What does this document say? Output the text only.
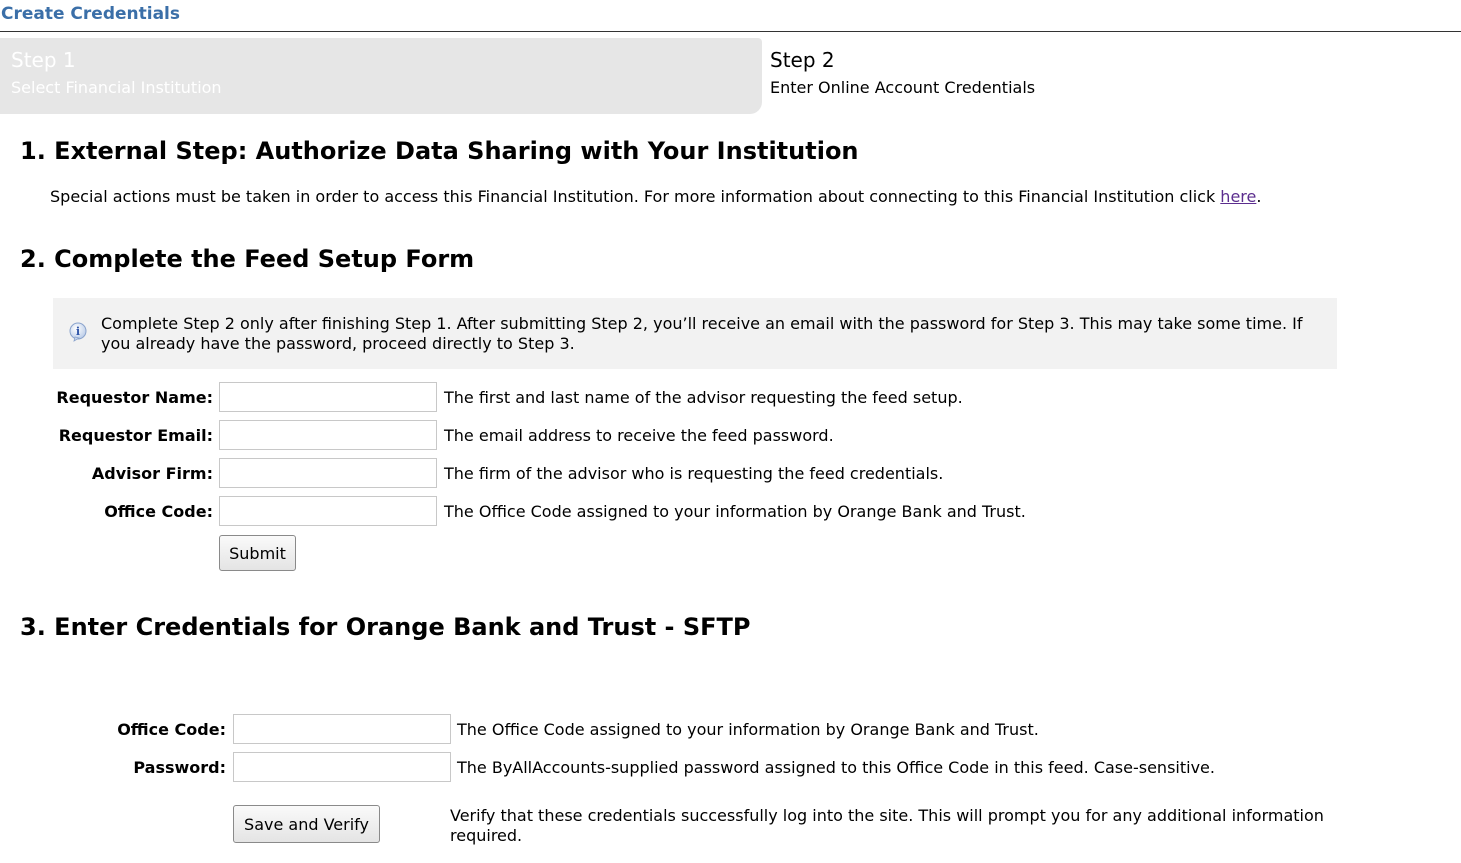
Create Credentials
Step 1
Select Financial Institution
Step 2
Enter Online Account Credentials
1. External Step: Authorize Data Sharing with Your Institution
Special actions must be taken in order to access this Financial Institution. For more information about connecting to this Financial Institution click here.
2. Complete the Feed Setup Form
i Complete Step 2 only after finishing Step 1. After submitting Step 2, you’ll receive an email with the password for Step 3. This may take some time. If you already have the password, proceed directly to Step 3.
Requestor Name:	The first and last name of the advisor requesting the feed setup.
Requestor Email:	The email address to receive the feed password.
Advisor Firm:	The firm of the advisor who is requesting the feed credentials.
Office Code:	The Office Code assigned to your information by Orange Bank and Trust.
Submit
3. Enter Credentials for Orange Bank and Trust - SFTP
Office Code:	The Office Code assigned to your information by Orange Bank and Trust.
Password:	The ByAllAccounts-supplied password assigned to this Office Code in this feed. Case-sensitive.
Save and Verify	Verify that these credentials successfully log into the site. This will prompt you for any additional information required.
